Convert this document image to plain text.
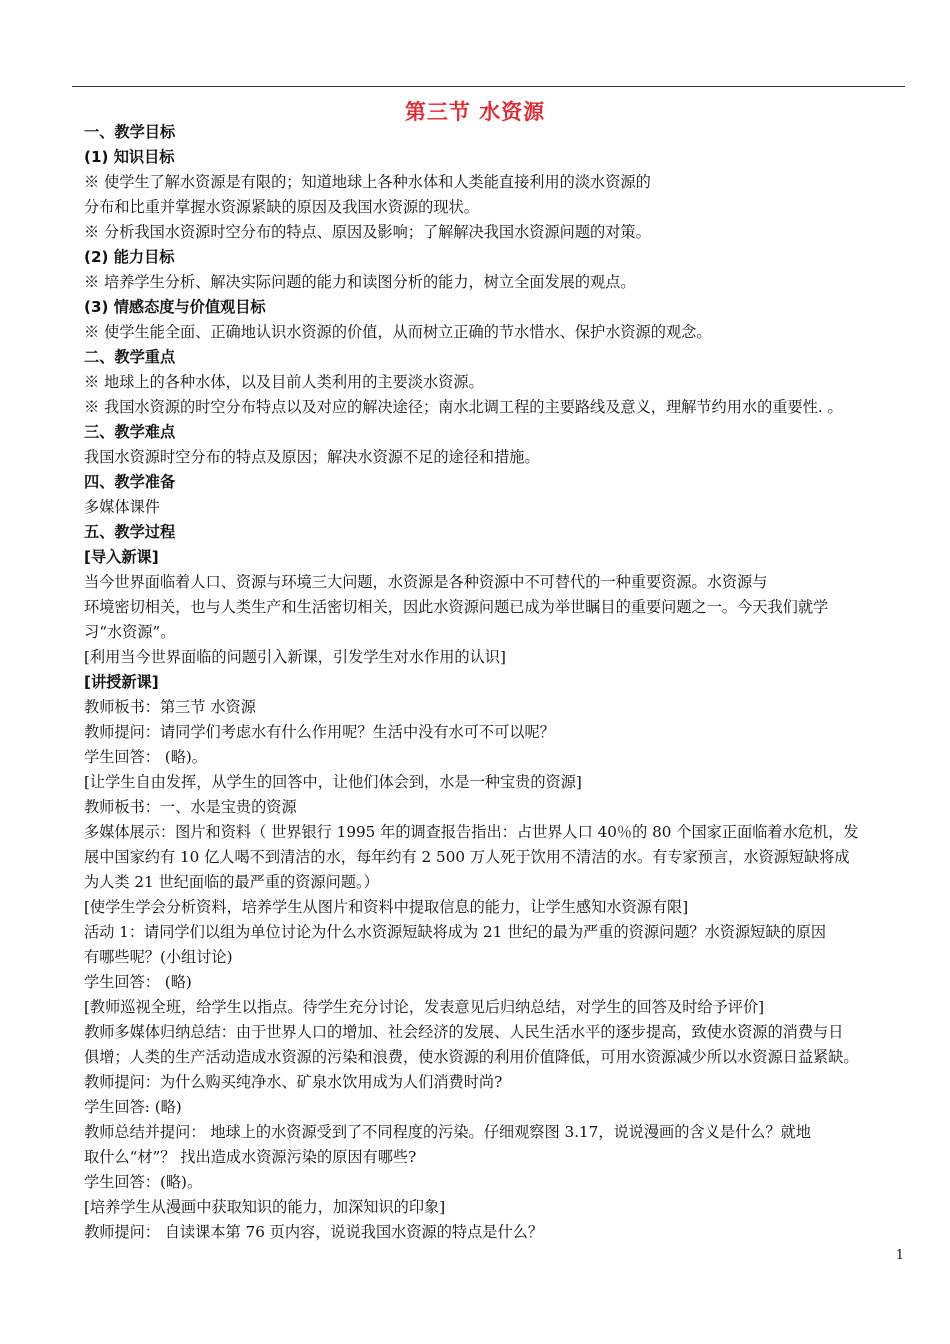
第三节 水资源
一、教学目标
(1) 知识目标
※ 使学生了解水资源是有限的；知道地球上各种水体和人类能直接利用的淡水资源的
分布和比重并掌握水资源紧缺的原因及我国水资源的现状。
※ 分析我国水资源时空分布的特点、原因及影响；了解解决我国水资源问题的对策。
(2) 能力目标
※ 培养学生分析、解决实际问题的能力和读图分析的能力，树立全面发展的观点。
(3) 情感态度与价值观目标
※ 使学生能全面、正确地认识水资源的价值，从而树立正确的节水惜水、保护水资源的观念。
二、教学重点
※ 地球上的各种水体，以及目前人类利用的主要淡水资源。
※ 我国水资源的时空分布特点以及对应的解决途径；南水北调工程的主要路线及意义，理解节约用水的重要性. 。
三、教学难点
我国水资源时空分布的特点及原因；解决水资源不足的途径和措施。
四、教学准备
多媒体课件
五、教学过程
[导入新课]
当今世界面临着人口、资源与环境三大问题，水资源是各种资源中不可替代的一种重要资源。水资源与
环境密切相关，也与人类生产和生活密切相关，因此水资源问题已成为举世瞩目的重要问题之一。今天我们就学
习“水资源”。
[利用当今世界面临的问题引入新课，引发学生对水作用的认识]
[讲授新课]
教师板书：第三节 水资源
教师提问：请同学们考虑水有什么作用呢？生活中没有水可不可以呢？
学生回答： (略)。
[让学生自由发挥，从学生的回答中，让他们体会到，水是一种宝贵的资源]
教师板书：一、水是宝贵的资源
多媒体展示：图片和资料（ 世界银行 1995 年的调查报告指出：占世界人口 40％的 80 个国家正面临着水危机，发
展中国家约有 10 亿人喝不到清洁的水，每年约有 2 500 万人死于饮用不清洁的水。有专家预言，水资源短缺将成
为人类 21 世纪面临的最严重的资源问题。）
[使学生学会分析资料，培养学生从图片和资料中提取信息的能力，让学生感知水资源有限]
活动 1：请同学们以组为单位讨论为什么水资源短缺将成为 21 世纪的最为严重的资源问题？水资源短缺的原因
有哪些呢？(小组讨论)
学生回答： (略)
[教师巡视全班，给学生以指点。待学生充分讨论，发表意见后归纳总结，对学生的回答及时给予评价]
教师多媒体归纳总结：由于世界人口的增加、社会经济的发展、人民生活水平的逐步提高，致使水资源的消费与日
俱增；人类的生产活动造成水资源的污染和浪费，使水资源的利用价值降低，可用水资源减少所以水资源日益紧缺。
教师提问：为什么购买纯净水、矿泉水饮用成为人们消费时尚?
学生回答: (略)
教师总结并提问： 地球上的水资源受到了不同程度的污染。仔细观察图 3.17，说说漫画的含义是什么？就地
取什么“材”？ 找出造成水资源污染的原因有哪些?
学生回答：(略)。
[培养学生从漫画中获取知识的能力，加深知识的印象]
教师提问： 自读课本第 76 页内容，说说我国水资源的特点是什么？
1
